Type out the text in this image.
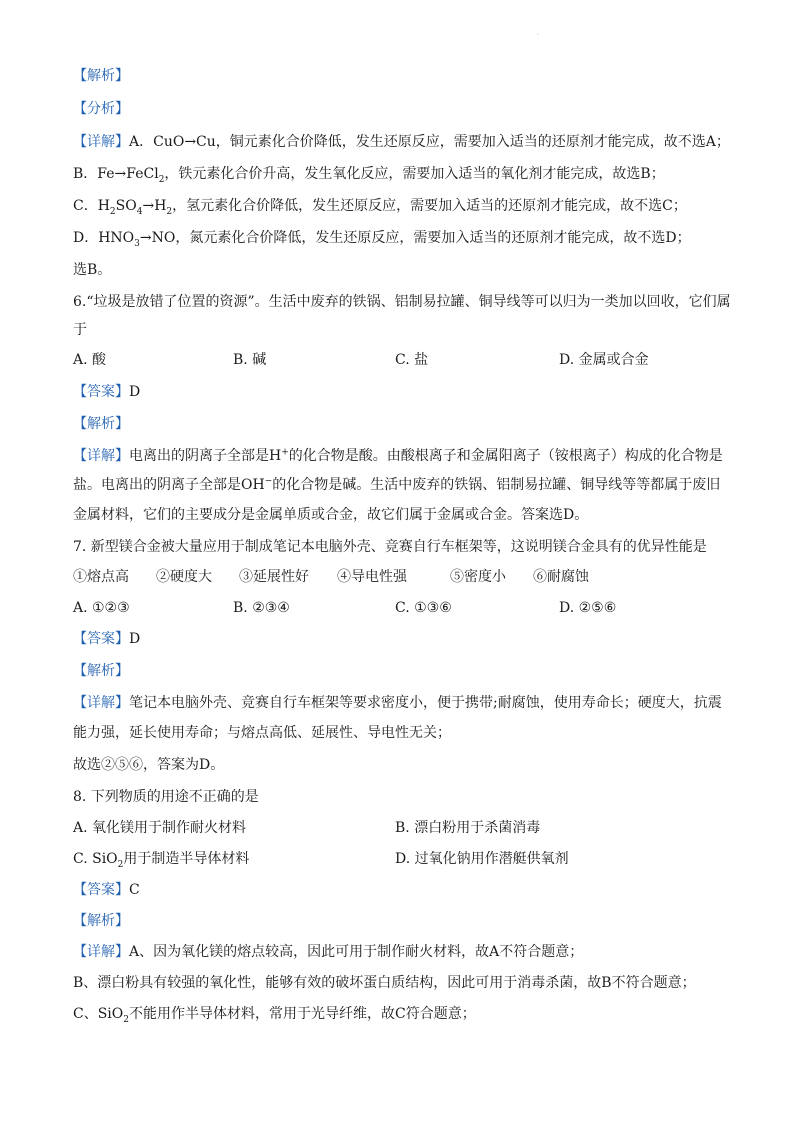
.
【解析】
【分析】
【详解】A．CuO→Cu，铜元素化合价降低，发生还原反应，需要加入适当的还原剂才能完成，故不选A；
B．Fe→FeCl$_2$，铁元素化合价升高，发生氧化反应，需要加入适当的氧化剂才能完成，故选B；
C．$H_2SO_4\to H_2$，氢元素化合价降低，发生还原反应，需要加入适当的还原剂才能完成，故不选C；
D．$HNO_3\to NO$，氮元素化合价降低，发生还原反应，需要加入适当的还原剂才能完成，故不选D；
选B。
6.“垃圾是放错了位置的资源”。生活中废弃的铁锅、铝制易拉罐、铜导线等可以归为一类加以回收，它们属
于
A. 酸	B. 碱	C. 盐	D. 金属或合金
【答案】D
【解析】
【详解】电离出的阴离子全部是H+的化合物是酸。由酸根离子和金属阳离子（铵根离子）构成的化合物是
盐。电离出的阴离子全部是OH−的化合物是碱。生活中废弃的铁锅、铝制易拉罐、铜导线等等都属于废旧
金属材料，它们的主要成分是金属单质或合金，故它们属于金属或合金。答案选D。
7. 新型镁合金被大量应用于制成笔记本电脑外壳、竞赛自行车框架等，这说明镁合金具有的优异性能是
①熔点高 ②硬度大 ③延展性好 ④导电性强	⑤密度小 ⑥耐腐蚀
A. ①②③	B. ②③④	C. ①③⑥	D. ②⑤⑥
【答案】D
【解析】
【详解】笔记本电脑外壳、竞赛自行车框架等要求密度小，便于携带;耐腐蚀，使用寿命长；硬度大，抗震
能力强，延长使用寿命；与熔点高低、延展性、导电性无关；
故选②⑤⑥，答案为D。
8. 下列物质的用途不正确的是
A. 氧化镁用于制作耐火材料	B. 漂白粉用于杀菌消毒
C. SiO$_2$用于制造半导体材料	D. 过氧化钠用作潜艇供氧剂
【答案】C
【解析】
【详解】A、因为氧化镁的熔点较高，因此可用于制作耐火材料，故A不符合题意；
B、漂白粉具有较强的氧化性，能够有效的破坏蛋白质结构，因此可用于消毒杀菌，故B不符合题意；
C、SiO$_2$不能用作半导体材料，常用于光导纤维，故C符合题意；
